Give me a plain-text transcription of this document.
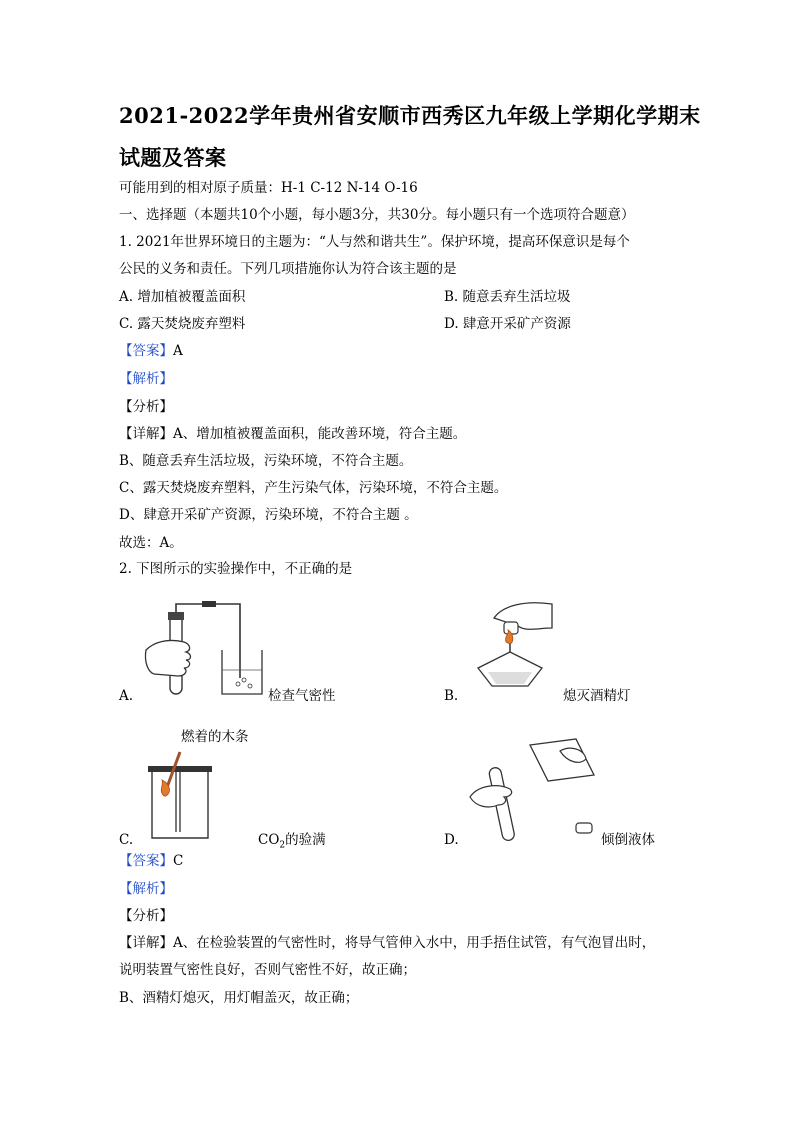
2021-2022学年贵州省安顺市西秀区九年级上学期化学期末
试题及答案
可能用到的相对原子质量：H-1 C-12 N-14 O-16
一、选择题（本题共10个小题，每小题3分，共30分。每小题只有一个选项符合题意）
1. 2021年世界环境日的主题为：“人与然和谐共生”。保护环境，提高环保意识是每个
公民的义务和责任。下列几项措施你认为符合该主题的是
A. 增加植被覆盖面积	B. 随意丢弃生活垃圾
C. 露天焚烧废弃塑料	D. 肆意开采矿产资源
【答案】A
【解析】
【分析】
【详解】A、增加植被覆盖面积，能改善环境，符合主题。
B、随意丢弃生活垃圾，污染环境，不符合主题。
C、露天焚烧废弃塑料，产生污染气体，污染环境，不符合主题。
D、肆意开采矿产资源，污染环境，不符合主题 。
故选：A。
2. 下图所示的实验操作中，不正确的是
A.	检查气密性	B.	熄灭酒精灯
燃着的木条
C.	$CO_2$的验满	D.	倾倒液体
【答案】C
【解析】
【分析】
【详解】A、在检验装置的气密性时，将导气管伸入水中，用手捂住试管，有气泡冒出时，
说明装置气密性良好，否则气密性不好，故正确；
B、酒精灯熄灭，用灯帽盖灭，故正确；
